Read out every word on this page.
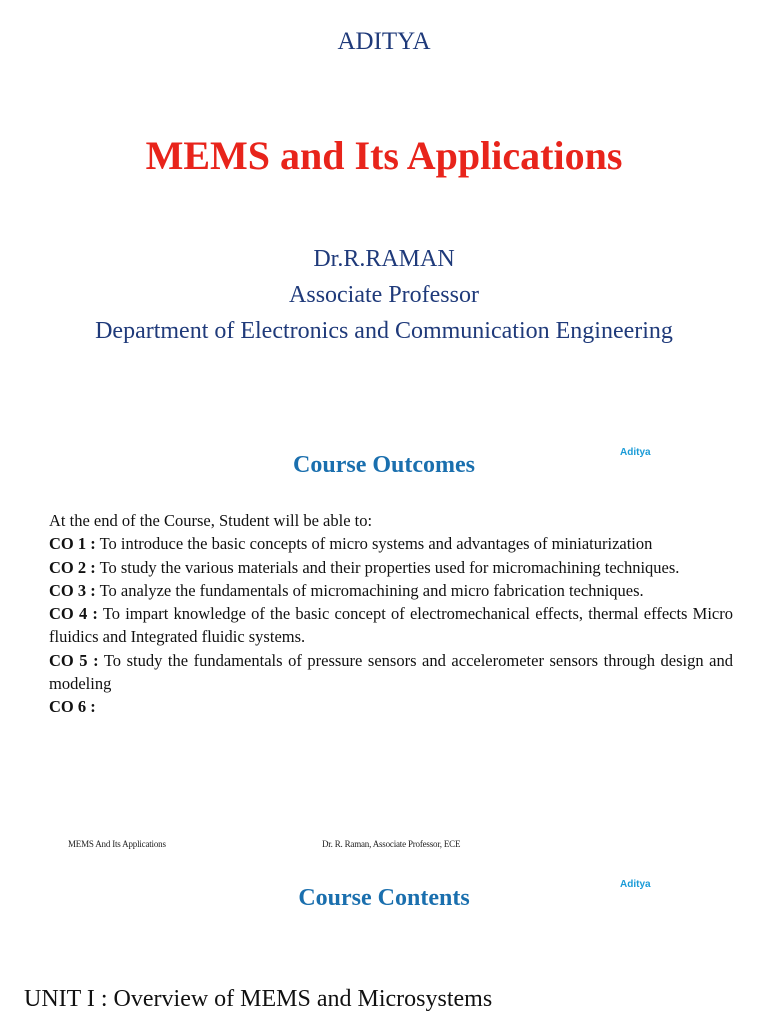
ADITYA
MEMS and Its Applications
Dr.R.RAMAN
Associate Professor
Department of Electronics and Communication Engineering
Aditya
Course Outcomes

At the end of the Course, Student will be able to:

CO 1 : To introduce the basic concepts of micro systems and advantages of miniaturization

CO 2 : To study the various materials and their properties used for micromachining techniques.

CO 3 : To analyze the fundamentals of micromachining and micro fabrication techniques.

CO 4 : To impart knowledge of the basic concept of electromechanical effects, thermal effects Micro fluidics and Integrated fluidic systems.

CO 5 : To study the fundamentals of pressure sensors and accelerometer sensors through design and modeling

CO 6 :

MEMS And Its Applications	Dr. R. Raman, Associate Professor, ECE
Aditya
Course Contents
UNIT I : Overview of MEMS and Microsystems
